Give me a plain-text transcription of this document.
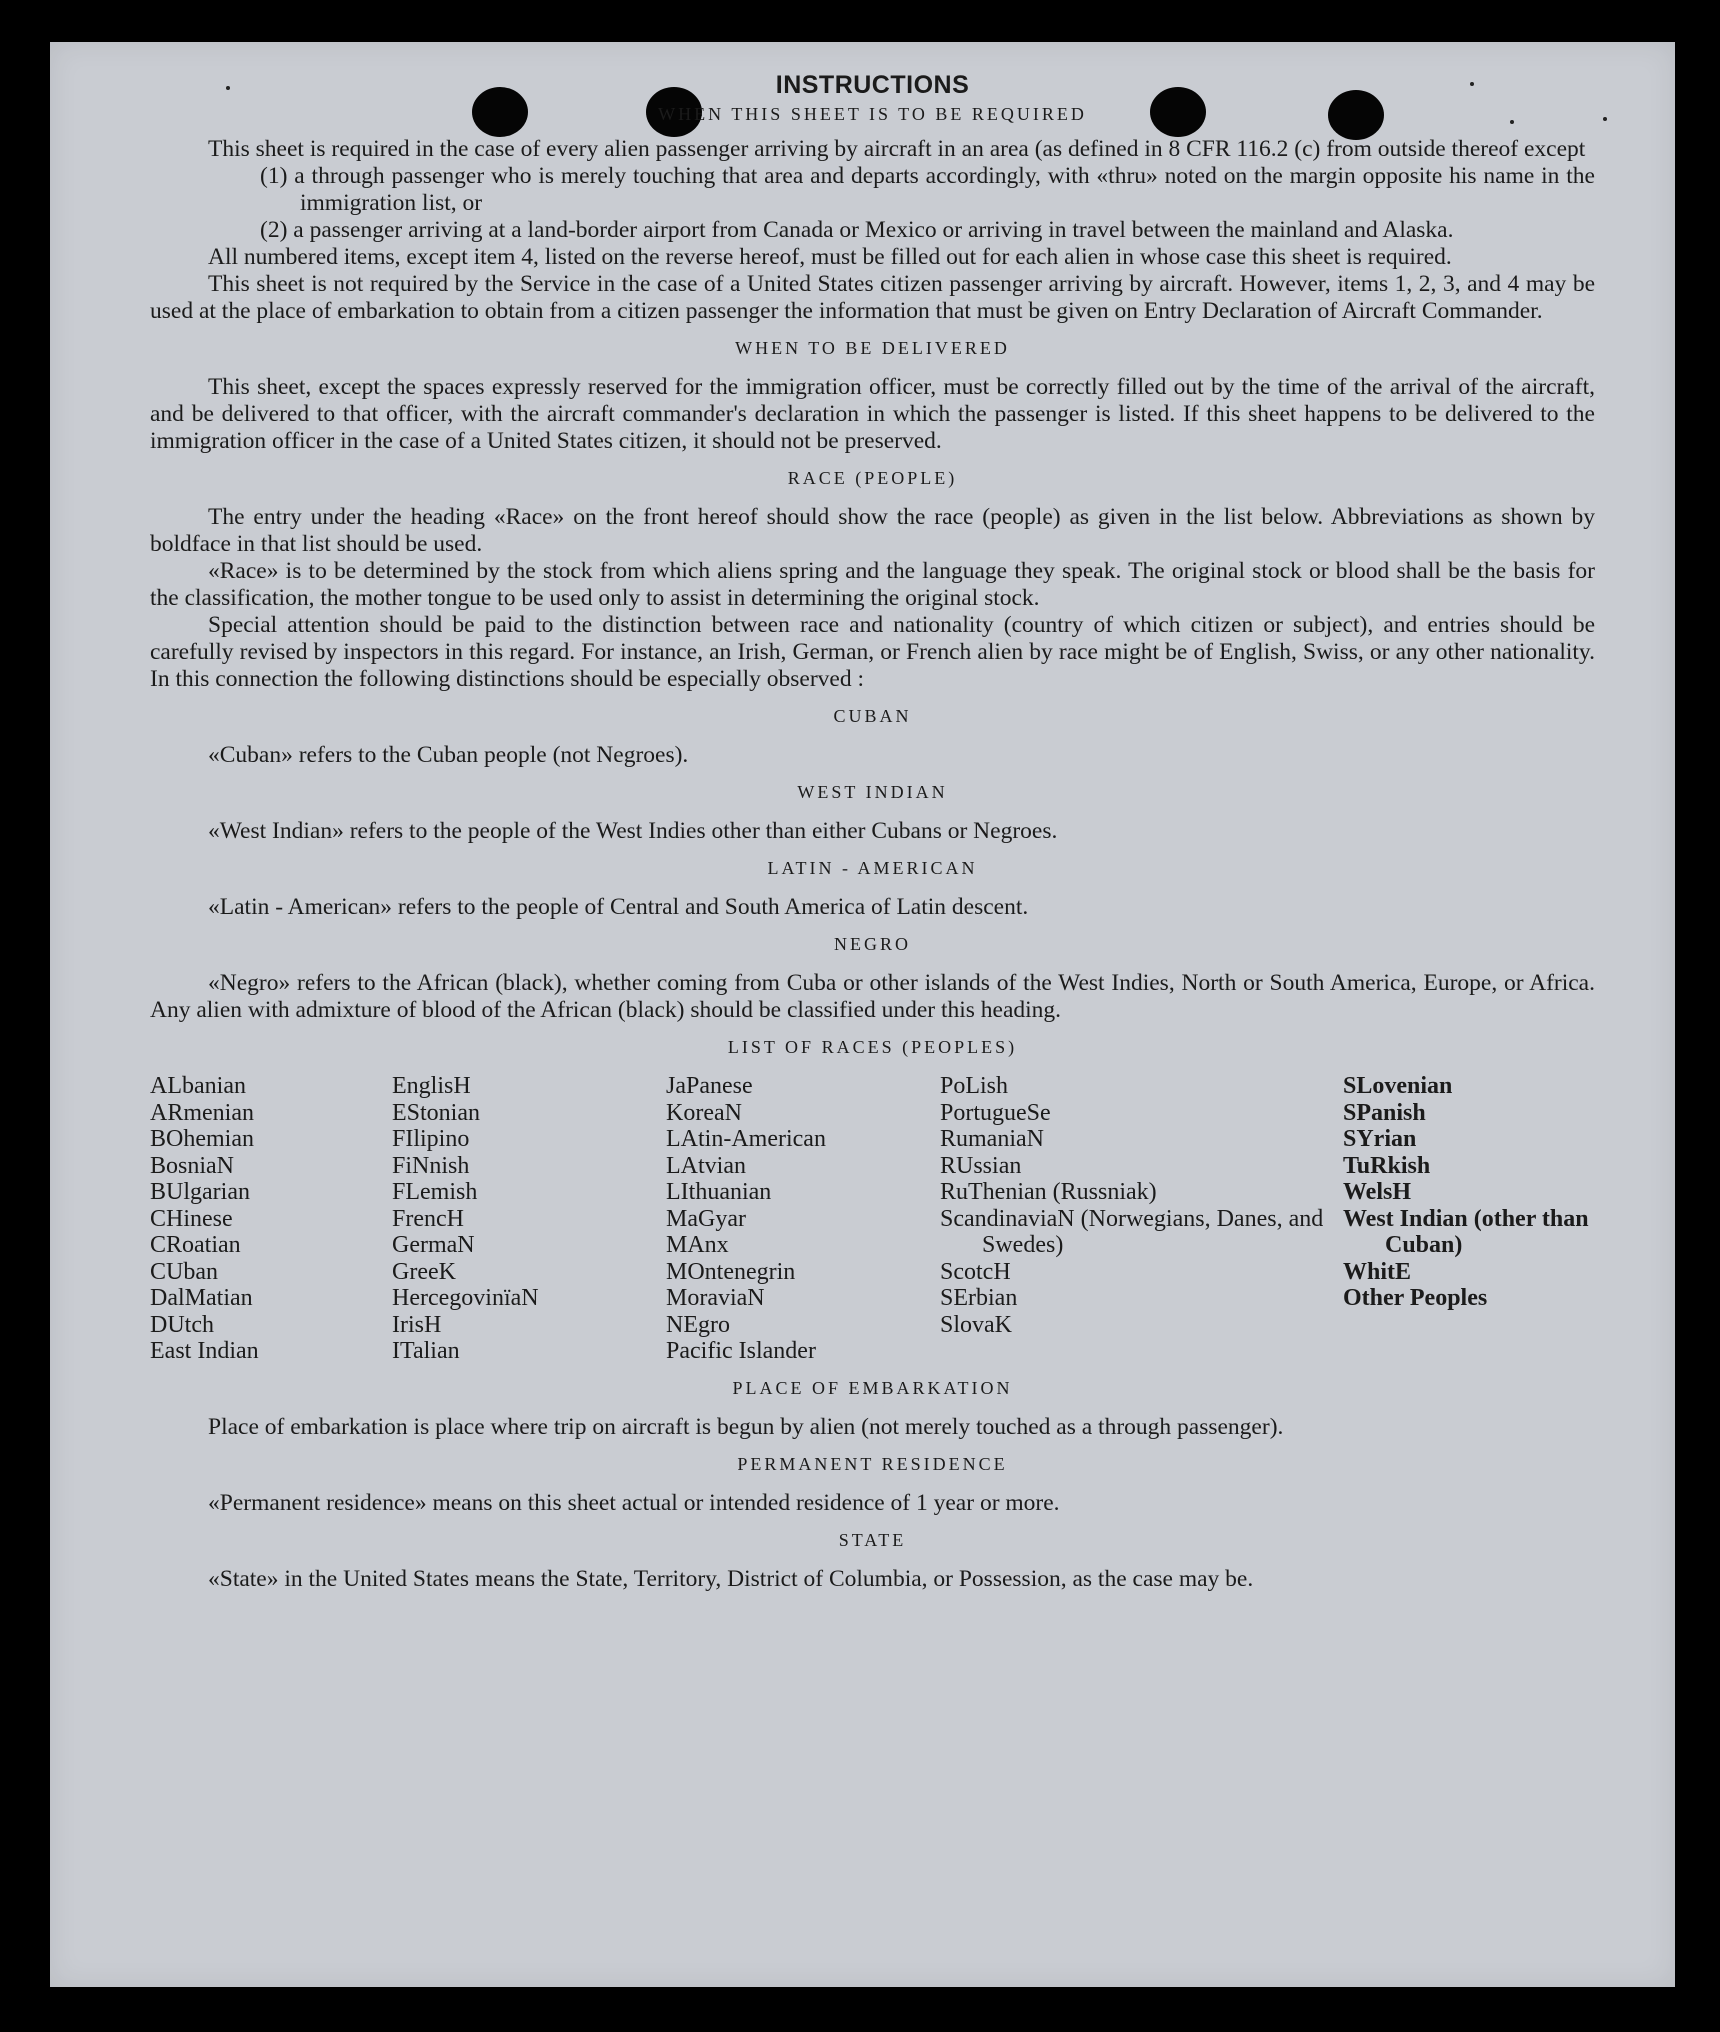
INSTRUCTIONS
WHEN THIS SHEET IS TO BE REQUIRED

This sheet is required in the case of every alien passenger arriving by aircraft in an area (as defined in 8 CFR 116.2 (c) from outside thereof except

(1) a through passenger who is merely touching that area and departs accordingly, with «thru» noted on the margin opposite his name in the immigration list, or

(2) a passenger arriving at a land-border airport from Canada or Mexico or arriving in travel between the mainland and Alaska.

All numbered items, except item 4, listed on the reverse hereof, must be filled out for each alien in whose case this sheet is required.

This sheet is not required by the Service in the case of a United States citizen passenger arriving by aircraft. However, items 1, 2, 3, and 4 may be used at the place of embarkation to obtain from a citizen passenger the information that must be given on Entry Declaration of Aircraft Commander.

WHEN TO BE DELIVERED

This sheet, except the spaces expressly reserved for the immigration officer, must be correctly filled out by the time of the arrival of the aircraft, and be delivered to that officer, with the aircraft commander's declaration in which the passenger is listed. If this sheet happens to be delivered to the immigration officer in the case of a United States citizen, it should not be preserved.

RACE (PEOPLE)

The entry under the heading «Race» on the front hereof should show the race (people) as given in the list below. Abbreviations as shown by boldface in that list should be used.

«Race» is to be determined by the stock from which aliens spring and the language they speak. The original stock or blood shall be the basis for the classification, the mother tongue to be used only to assist in determining the original stock.

Special attention should be paid to the distinction between race and nationality (country of which citizen or subject), and entries should be carefully revised by inspectors in this regard. For instance, an Irish, German, or French alien by race might be of English, Swiss, or any other nationality. In this connection the following distinctions should be especially observed :

CUBAN

«Cuban» refers to the Cuban people (not Negroes).

WEST INDIAN

«West Indian» refers to the people of the West Indies other than either Cubans or Negroes.

LATIN - AMERICAN

«Latin - American» refers to the people of Central and South America of Latin descent.

NEGRO

«Negro» refers to the African (black), whether coming from Cuba or other islands of the West Indies, North or South America, Europe, or Africa. Any alien with admixture of blood of the African (black) should be classified under this heading.

LIST OF RACES (PEOPLES)
ALbanian
ARmenian
BOhemian
BosniaN
BUlgarian
CHinese
CRoatian
CUban
DalMatian
DUtch
East Indian
EnglisH
EStonian
FIlipino
FiNnish
FLemish
FrencH
GermaN
GreeK
HercegovinïaN
IrisH
ITalian
JaPanese
KoreaN
LAtin-American
LAtvian
LIthuanian
MaGyar
MAnx
MOntenegrin
MoraviaN
NEgro
Pacific Islander
PoLish
PortugueSe
RumaniaN
RUssian
RuThenian (Russniak)
ScandinaviaN (Norwegians, Danes, and Swedes)
ScotcH
SErbian
SlovaK
SLovenian
SPanish
SYrian
TuRkish
WelsH
West Indian (other than Cuban)
WhitE
Other Peoples
PLACE OF EMBARKATION

Place of embarkation is place where trip on aircraft is begun by alien (not merely touched as a through passenger).

PERMANENT RESIDENCE

«Permanent residence» means on this sheet actual or intended residence of 1 year or more.

STATE

«State» in the United States means the State, Territory, District of Columbia, or Possession, as the case may be.
